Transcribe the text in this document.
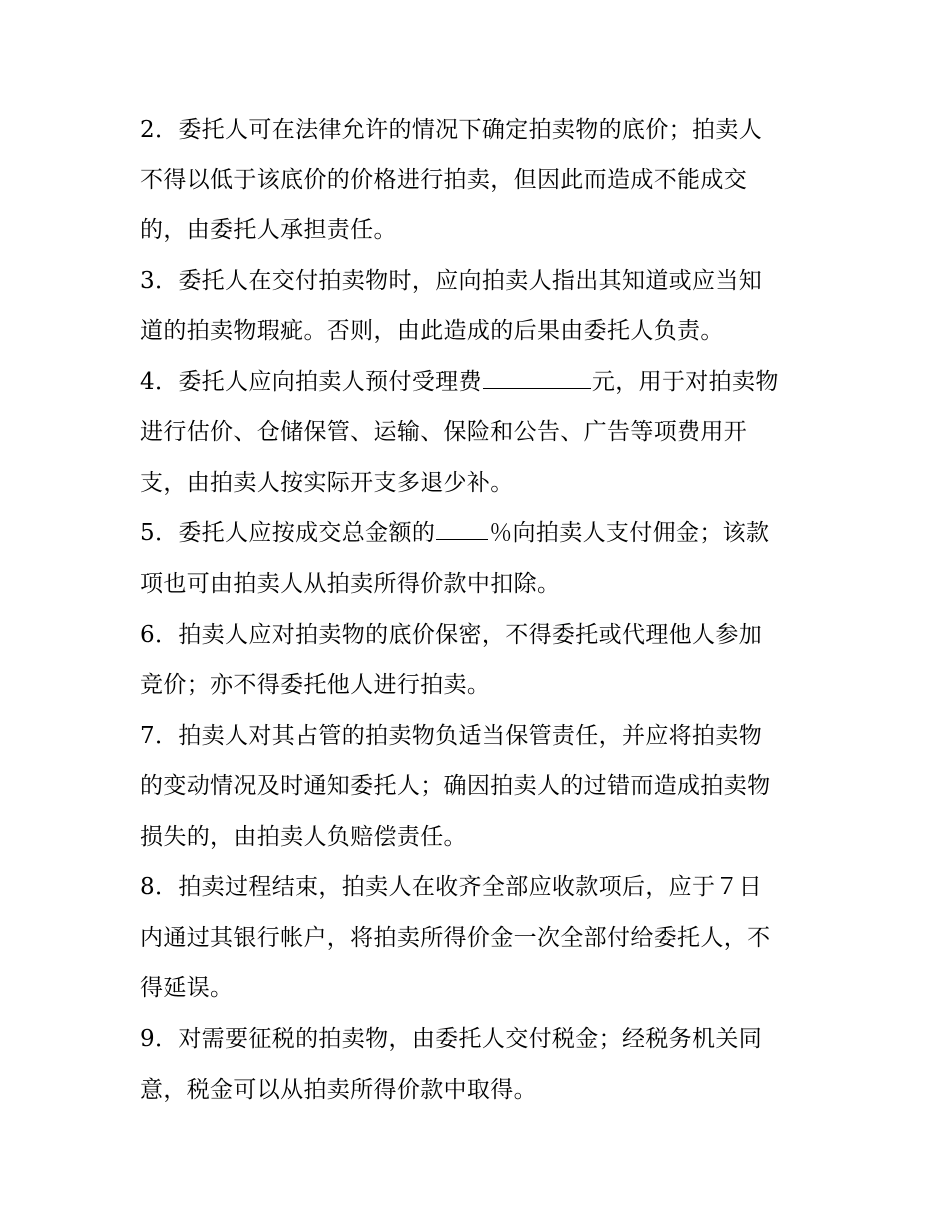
2．委托人可在法律允许的情况下确定拍卖物的底价；拍卖人
不得以低于该底价的价格进行拍卖，但因此而造成不能成交
的，由委托人承担责任。
3．委托人在交付拍卖物时，应向拍卖人指出其知道或应当知
道的拍卖物瑕疵。否则，由此造成的后果由委托人负责。
4．委托人应向拍卖人预付受理费	元，用于对拍卖物
进行估价、仓储保管、运输、保险和公告、广告等项费用开
支，由拍卖人按实际开支多退少补。
5．委托人应按成交总金额的 ％向拍卖人支付佣金；该款
项也可由拍卖人从拍卖所得价款中扣除。
6．拍卖人应对拍卖物的底价保密，不得委托或代理他人参加
竞价；亦不得委托他人进行拍卖。
7．拍卖人对其占管的拍卖物负适当保管责任，并应将拍卖物
的变动情况及时通知委托人；确因拍卖人的过错而造成拍卖物
损失的，由拍卖人负赔偿责任。
8．拍卖过程结束，拍卖人在收齐全部应收款项后，应于７日
内通过其银行帐户，将拍卖所得价金一次全部付给委托人，不
得延误。
9．对需要征税的拍卖物，由委托人交付税金；经税务机关同
意，税金可以从拍卖所得价款中取得。
